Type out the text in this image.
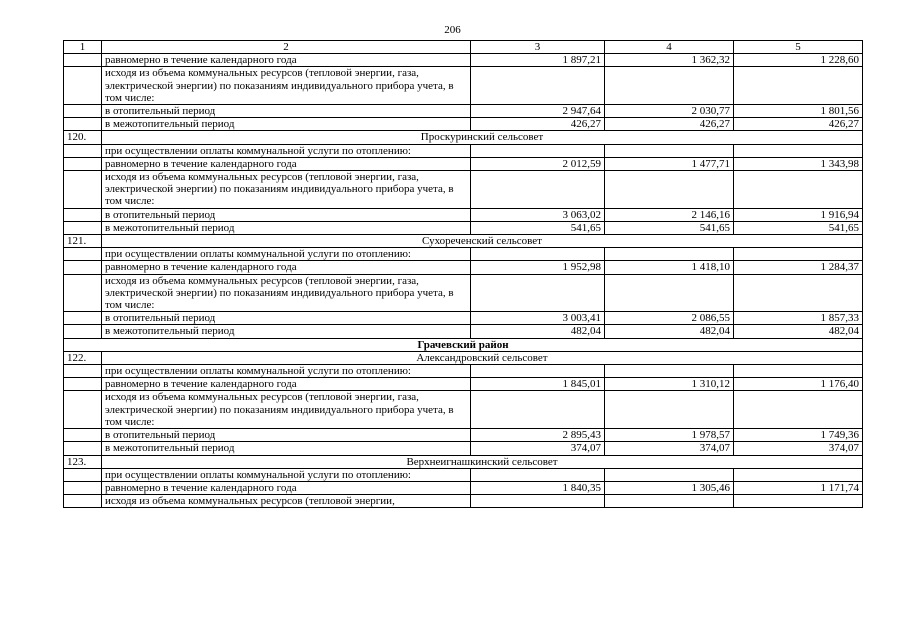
206
1	2	3	4	5
	равномерно в течение календарного года	1 897,21	1 362,32	1 228,60
	исходя из объема коммунальных ресурсов (тепловой энергии, газа, электрической энергии) по показаниям индивидуального прибора учета, в том числе:			
	в отопительный период	2 947,64	2 030,77	1 801,56
	в межотопительный период	426,27	426,27	426,27
120.	Проскуринский сельсовет			
	при осуществлении оплаты коммунальной услуги по отоплению:			
	равномерно в течение календарного года	2 012,59	1 477,71	1 343,98
	исходя из объема коммунальных ресурсов (тепловой энергии, газа, электрической энергии) по показаниям индивидуального прибора учета, в том числе:			
	в отопительный период	3 063,02	2 146,16	1 916,94
	в межотопительный период	541,65	541,65	541,65
121.	Сухореченский сельсовет			
	при осуществлении оплаты коммунальной услуги по отоплению:			
	равномерно в течение календарного года	1 952,98	1 418,10	1 284,37
	исходя из объема коммунальных ресурсов (тепловой энергии, газа, электрической энергии) по показаниям индивидуального прибора учета, в том числе:			
	в отопительный период	3 003,41	2 086,55	1 857,33
	в межотопительный период	482,04	482,04	482,04
Грачевский район				
122.	Александровский сельсовет			
	при осуществлении оплаты коммунальной услуги по отоплению:			
	равномерно в течение календарного года	1 845,01	1 310,12	1 176,40
	исходя из объема коммунальных ресурсов (тепловой энергии, газа, электрической энергии) по показаниям индивидуального прибора учета, в том числе:			
	в отопительный период	2 895,43	1 978,57	1 749,36
	в межотопительный период	374,07	374,07	374,07
123.	Верхнеигнашкинский сельсовет			
	при осуществлении оплаты коммунальной услуги по отоплению:			
	равномерно в течение календарного года	1 840,35	1 305,46	1 171,74
	исходя из объема коммунальных ресурсов (тепловой энергии,			
